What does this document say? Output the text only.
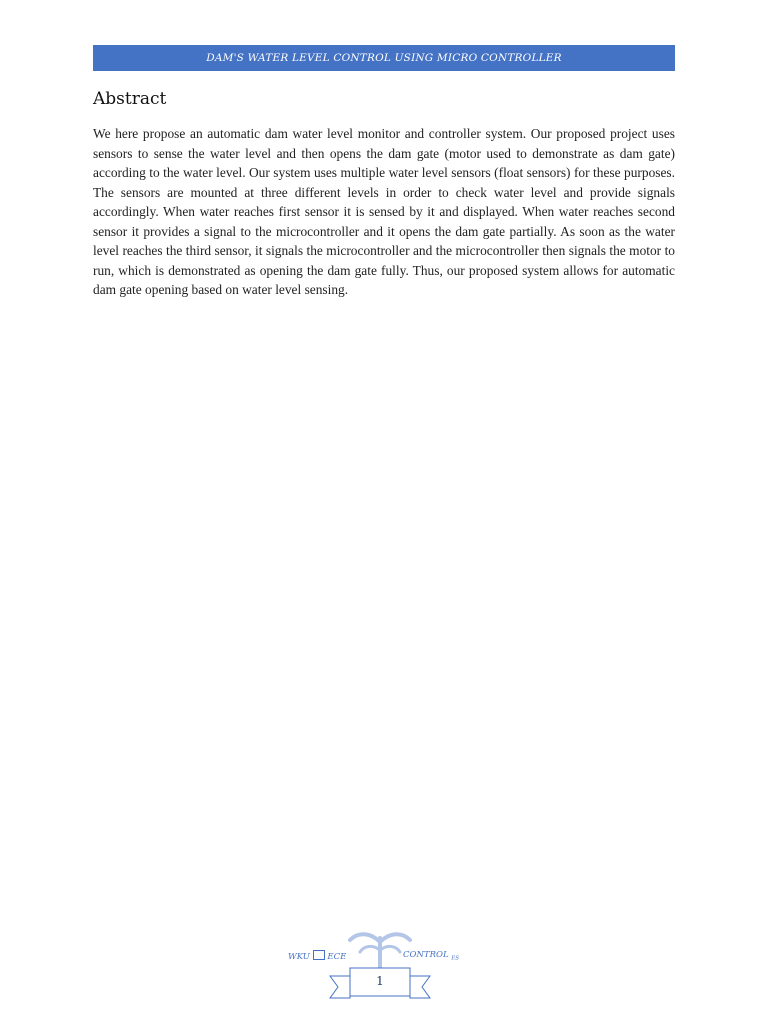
DAM'S WATER LEVEL CONTROL USING MICRO CONTROLLER
Abstract

We here propose an automatic dam water level monitor and controller system. Our proposed project uses sensors to sense the water level and then opens the dam gate (motor used to demonstrate as dam gate) according to the water level. Our system uses multiple water level sensors (float sensors) for these purposes. The sensors are mounted at three different levels in order to check water level and provide signals accordingly. When water reaches first sensor it is sensed by it and displayed. When water reaches second sensor it provides a signal to the microcontroller and it opens the dam gate partially. As soon as the water level reaches the third sensor, it signals the microcontroller and the microcontroller then signals the motor to run, which is demonstrated as opening the dam gate fully. Thus, our proposed system allows for automatic dam gate opening based on water level sensing.

WKU ECE	CONTROL $_{ES}$
1
